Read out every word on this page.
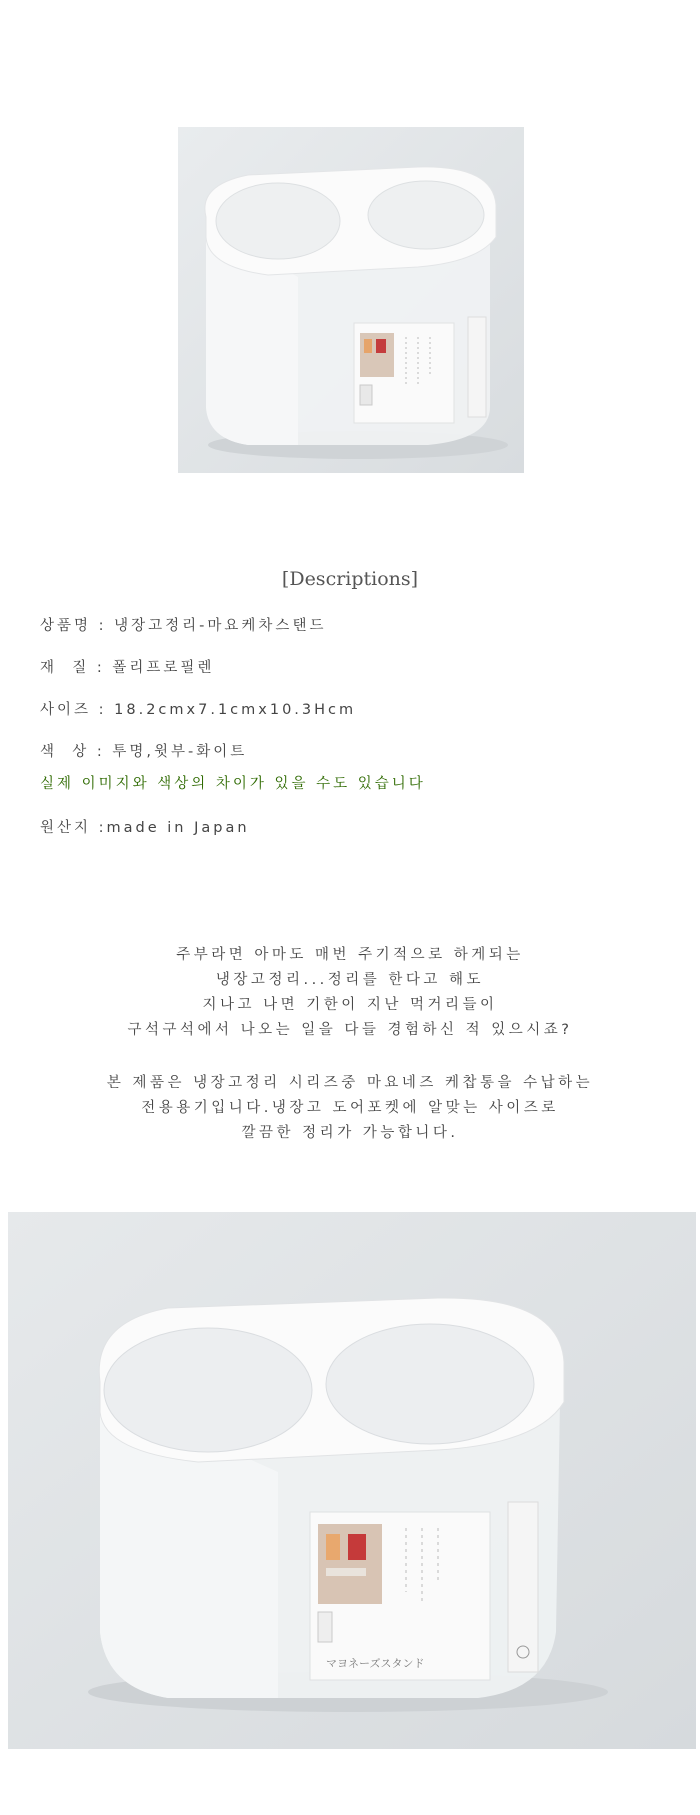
[Descriptions]
상품명 : 냉장고정리-마요케차스탠드
재  질 : 폴리프로필렌
사이즈 : 18.2cmx7.1cmx10.3Hcm
색  상 : 투명,윗부-화이트
실제 이미지와 색상의 차이가 있을 수도 있습니다
원산지 :made in Japan
주부라면 아마도 매번 주기적으로 하게되는
냉장고정리...정리를 한다고 해도
지나고 나면 기한이 지난 먹거리들이
구석구석에서 나오는 일을 다들 경험하신 적 있으시죠?
본 제품은 냉장고정리 시리즈중 마요네즈 케찹통을 수납하는
전용용기입니다.냉장고 도어포켓에 알맞는 사이즈로
깔끔한 정리가 가능합니다.
マヨネーズスタンド
